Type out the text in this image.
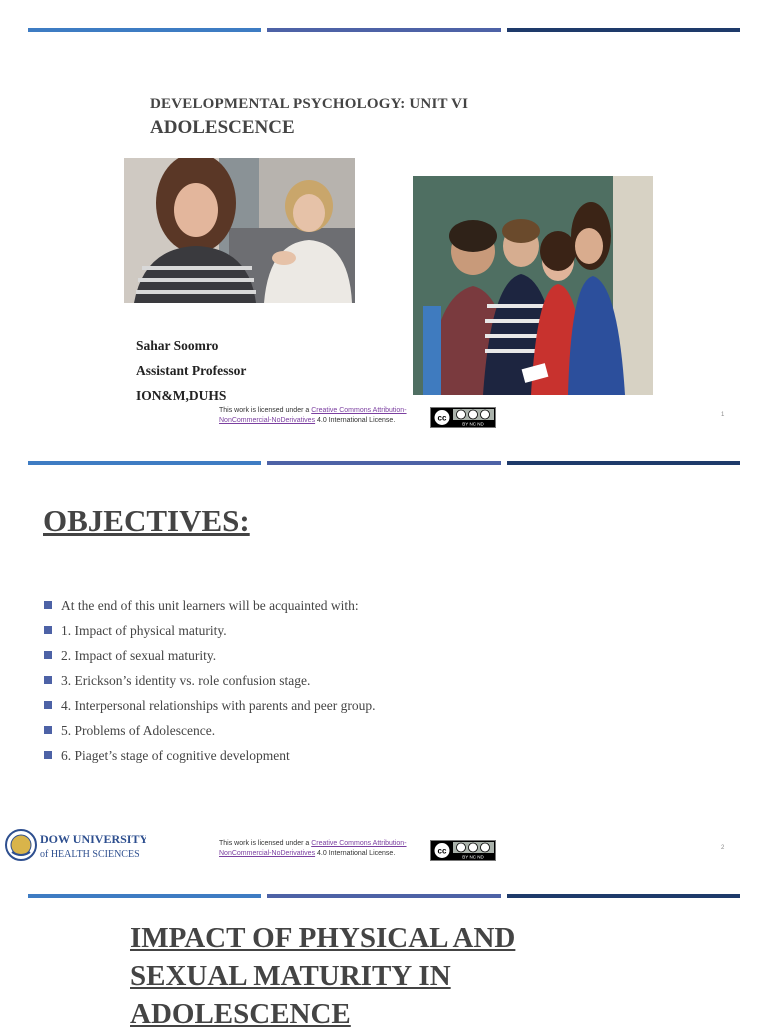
DEVELOPMENTAL PSYCHOLOGY: UNIT VI
ADOLESCENCE
Sahar Soomro
Assistant Professor
ION&M,DUHS
This work is licensed under a Creative Commons Attribution-
NonCommercial-NoDerivatives 4.0 International License.	cc
BY NC ND
1
OBJECTIVES:
At the end of this unit learners will be acquainted with:
1. Impact of physical maturity.
2. Impact of sexual maturity.
3. Erickson’s identity vs. role confusion stage.
4. Interpersonal relationships with parents and peer group.
5. Problems of Adolescence.
6. Piaget’s stage of cognitive development
DOW UNIVERSITY
of HEALTH SCIENCES
This work is licensed under a Creative Commons Attribution-
NonCommercial-NoDerivatives 4.0 International License.	cc
BY NC ND
2
IMPACT OF PHYSICAL AND
SEXUAL MATURITY IN
ADOLESCENCE
